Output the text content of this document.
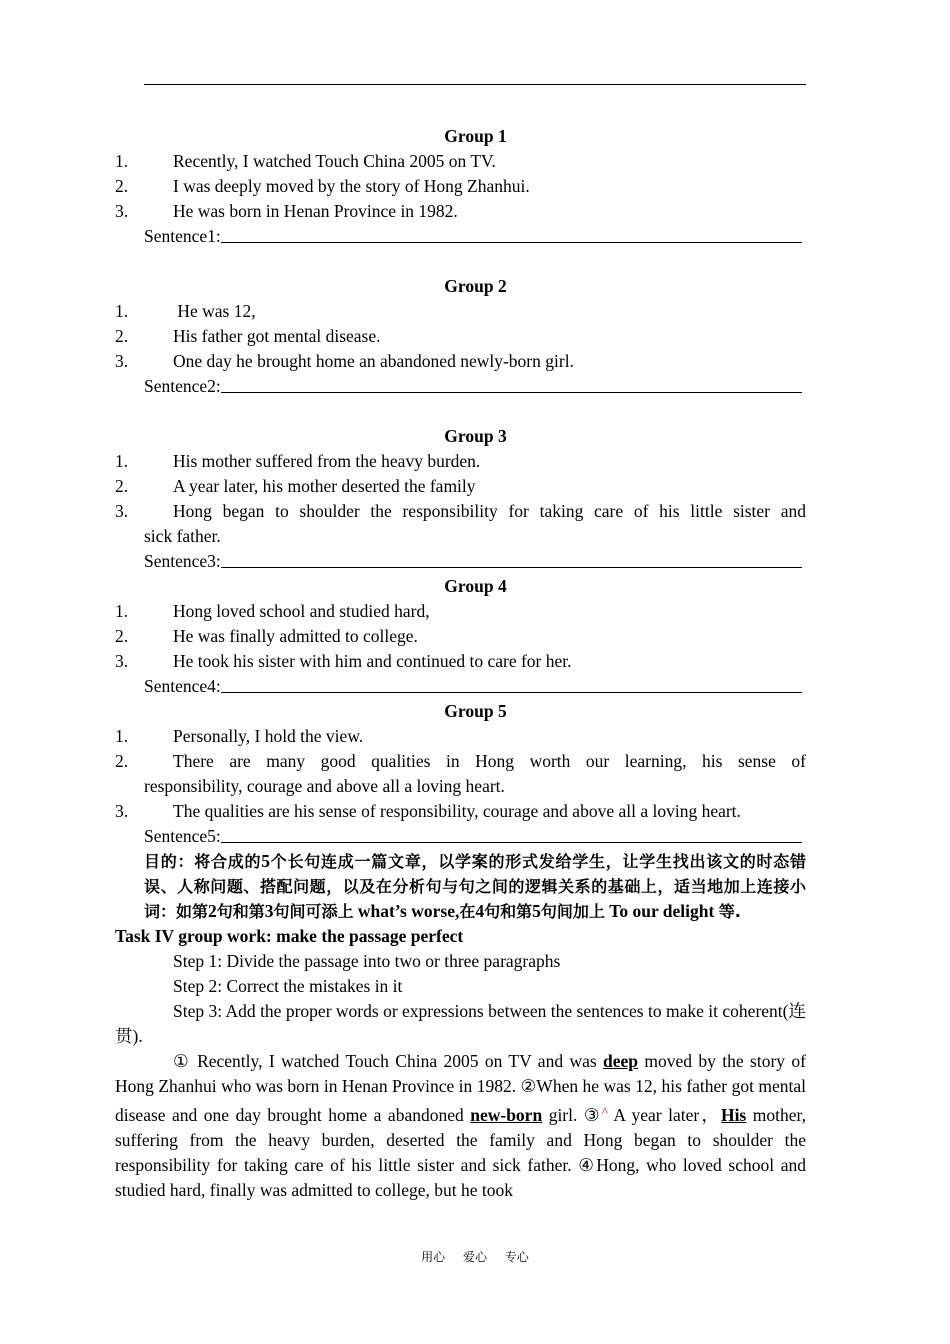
Group 1
1.	Recently, I watched Touch China 2005 on TV.
2.	I was deeply moved by the story of Hong Zhanhui.
3.	He was born in Henan Province in 1982.
Sentence1:
Group 2
1.	He was 12,
2.	His father got mental disease.
3.	One day he brought home an abandoned newly-born girl.
Sentence2:
Group 3
1.	His mother suffered from the heavy burden.
2.	A year later, his mother deserted the family
3.	Hong began to shoulder the responsibility for taking care of his little sister and
sick father.
Sentence3:
Group 4
1.	Hong loved school and studied hard,
2.	He was finally admitted to college.
3.	He took his sister with him and continued to care for her.
Sentence4:
Group 5
1.	Personally, I hold the view.
2.	There are many good qualities in Hong worth our learning, his sense of
responsibility, courage and above all a loving heart.
3.	The qualities are his sense of responsibility, courage and above all a loving heart.
Sentence5:
目的：将合成的5个长句连成一篇文章，以学案的形式发给学生，让学生找出该文的时态错误、人称问题、搭配问题，以及在分析句与句之间的逻辑关系的基础上，适当地加上连接小词：如第2句和第3句间可添上 what’s worse,在4句和第5句间加上 To our delight 等.
Task IV group work: make the passage perfect
Step 1: Divide the passage into two or three paragraphs
Step 2: Correct the mistakes in it
Step 3: Add the proper words or expressions between the sentences to make it coherent(连贯).
① Recently, I watched Touch China 2005 on TV and was deep moved by the story of Hong Zhanhui who was born in Henan Province in 1982. ②When he was 12, his father got mental disease and one day brought home a abandoned new-born girl. ③^ A year later，His mother, suffering from the heavy burden, deserted the family and Hong began to shoulder the responsibility for taking care of his little sister and sick father. ④Hong, who loved school and studied hard, finally was admitted to college, but he took
用心 爱心 专心
